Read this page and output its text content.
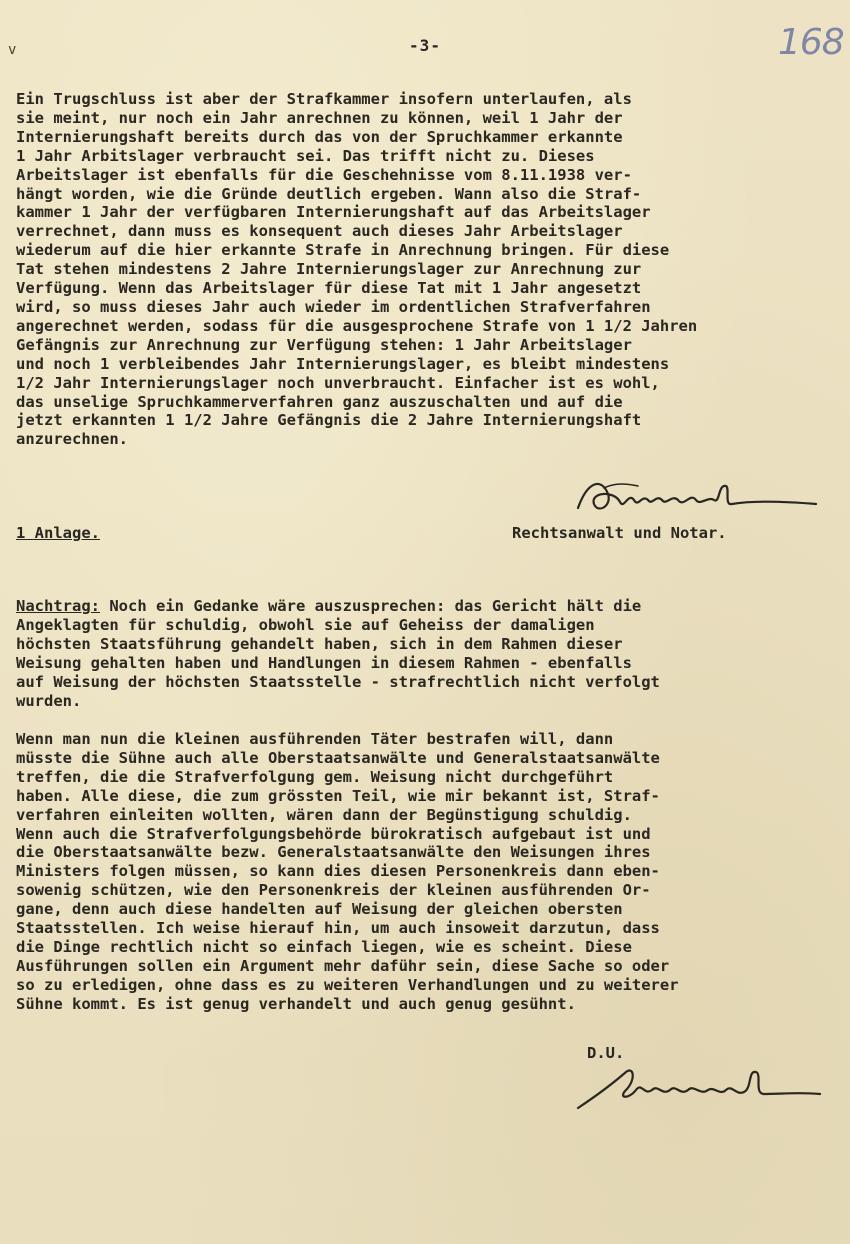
v	-3-	168
Ein Trugschluss ist aber der Strafkammer insofern unterlaufen, als
sie meint, nur noch ein Jahr anrechnen zu können, weil 1 Jahr der
Internierungshaft bereits durch das von der Spruchkammer erkannte
1 Jahr Arbitslager verbraucht sei. Das trifft nicht zu. Dieses
Arbeitslager ist ebenfalls für die Geschehnisse vom 8.11.1938 ver-
hängt worden, wie die Gründe deutlich ergeben. Wann also die Straf-
kammer 1 Jahr der verfügbaren Internierungshaft auf das Arbeitslager
verrechnet, dann muss es konsequent auch dieses Jahr Arbeitslager
wiederum auf die hier erkannte Strafe in Anrechnung bringen. Für diese
Tat stehen mindestens 2 Jahre Internierungslager zur Anrechnung zur
Verfügung. Wenn das Arbeitslager für diese Tat mit 1 Jahr angesetzt
wird, so muss dieses Jahr auch wieder im ordentlichen Strafverfahren
angerechnet werden, sodass für die ausgesprochene Strafe von 1 1/2 Jahren
Gefängnis zur Anrechnung zur Verfügung stehen: 1 Jahr Arbeitslager
und noch 1 verbleibendes Jahr Internierungslager, es bleibt mindestens
1/2 Jahr Internierungslager noch unverbraucht. Einfacher ist es wohl,
das unselige Spruchkammerverfahren ganz auszuschalten und auf die
jetzt erkannten 1 1/2 Jahre Gefängnis die 2 Jahre Internierungshaft
anzurechnen.
1 Anlage.	Rechtsanwalt und Notar.
Nachtrag: Noch ein Gedanke wäre auszusprechen: das Gericht hält die
Angeklagten für schuldig, obwohl sie auf Geheiss der damaligen
höchsten Staatsführung gehandelt haben, sich in dem Rahmen dieser
Weisung gehalten haben und Handlungen in diesem Rahmen - ebenfalls
auf Weisung der höchsten Staatsstelle - strafrechtlich nicht verfolgt
wurden.
Wenn man nun die kleinen ausführenden Täter bestrafen will, dann
müsste die Sühne auch alle Oberstaatsanwälte und Generalstaatsanwälte
treffen, die die Strafverfolgung gem. Weisung nicht durchgeführt
haben. Alle diese, die zum grössten Teil, wie mir bekannt ist, Straf-
verfahren einleiten wollten, wären dann der Begünstigung schuldig.
Wenn auch die Strafverfolgungsbehörde bürokratisch aufgebaut ist und
die Oberstaatsanwälte bezw. Generalstaatsanwälte den Weisungen ihres
Ministers folgen müssen, so kann dies diesen Personenkreis dann eben-
sowenig schützen, wie den Personenkreis der kleinen ausführenden Or-
gane, denn auch diese handelten auf Weisung der gleichen obersten
Staatsstellen. Ich weise hierauf hin, um auch insoweit darzutun, dass
die Dinge rechtlich nicht so einfach liegen, wie es scheint. Diese
Ausführungen sollen ein Argument mehr daführ sein, diese Sache so oder
so zu erledigen, ohne dass es zu weiteren Verhandlungen und zu weiterer
Sühne kommt. Es ist genug verhandelt und auch genug gesühnt.
D.U.
